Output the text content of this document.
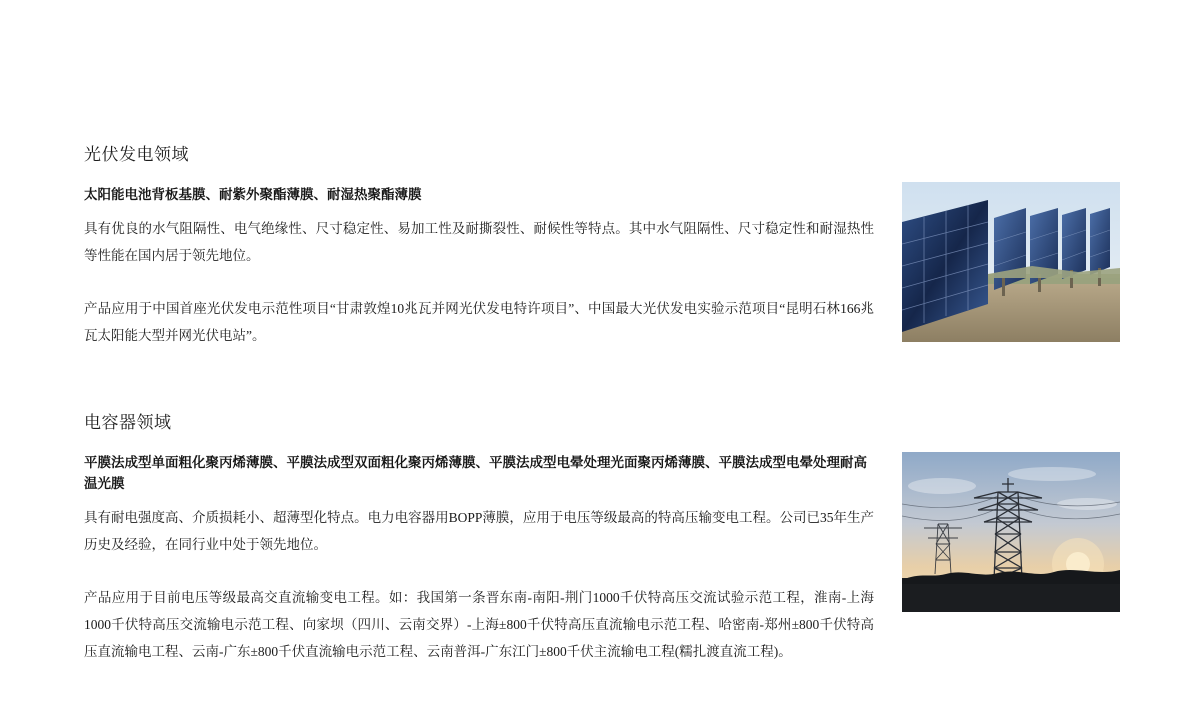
光伏发电领域
太阳能电池背板基膜、耐紫外聚酯薄膜、耐湿热聚酯薄膜

具有优良的水气阻隔性、电气绝缘性、尺寸稳定性、易加工性及耐撕裂性、耐候性等特点。其中水气阻隔性、尺寸稳定性和耐湿热性等性能在国内居于领先地位。

产品应用于中国首座光伏发电示范性项目“甘肃敦煌10兆瓦并网光伏发电特许项目”、中国最大光伏发电实验示范项目“昆明石林166兆瓦太阳能大型并网光伏电站”。

电容器领域
平膜法成型单面粗化聚丙烯薄膜、平膜法成型双面粗化聚丙烯薄膜、平膜法成型电晕处理光面聚丙烯薄膜、平膜法成型电晕处理耐高温光膜

具有耐电强度高、介质损耗小、超薄型化特点。电力电容器用BOPP薄膜，应用于电压等级最高的特高压输变电工程。公司已35年生产历史及经验，在同行业中处于领先地位。

产品应用于目前电压等级最高交直流输变电工程。如：我国第一条晋东南-南阳-荆门1000千伏特高压交流试验示范工程，淮南-上海1000千伏特高压交流输电示范工程、向家坝（四川、云南交界）-上海±800千伏特高压直流输电示范工程、哈密南-郑州±800千伏特高压直流输电工程、云南-广东±800千伏直流输电示范工程、云南普洱-广东江门±800千伏主流输电工程(糯扎渡直流工程)。
